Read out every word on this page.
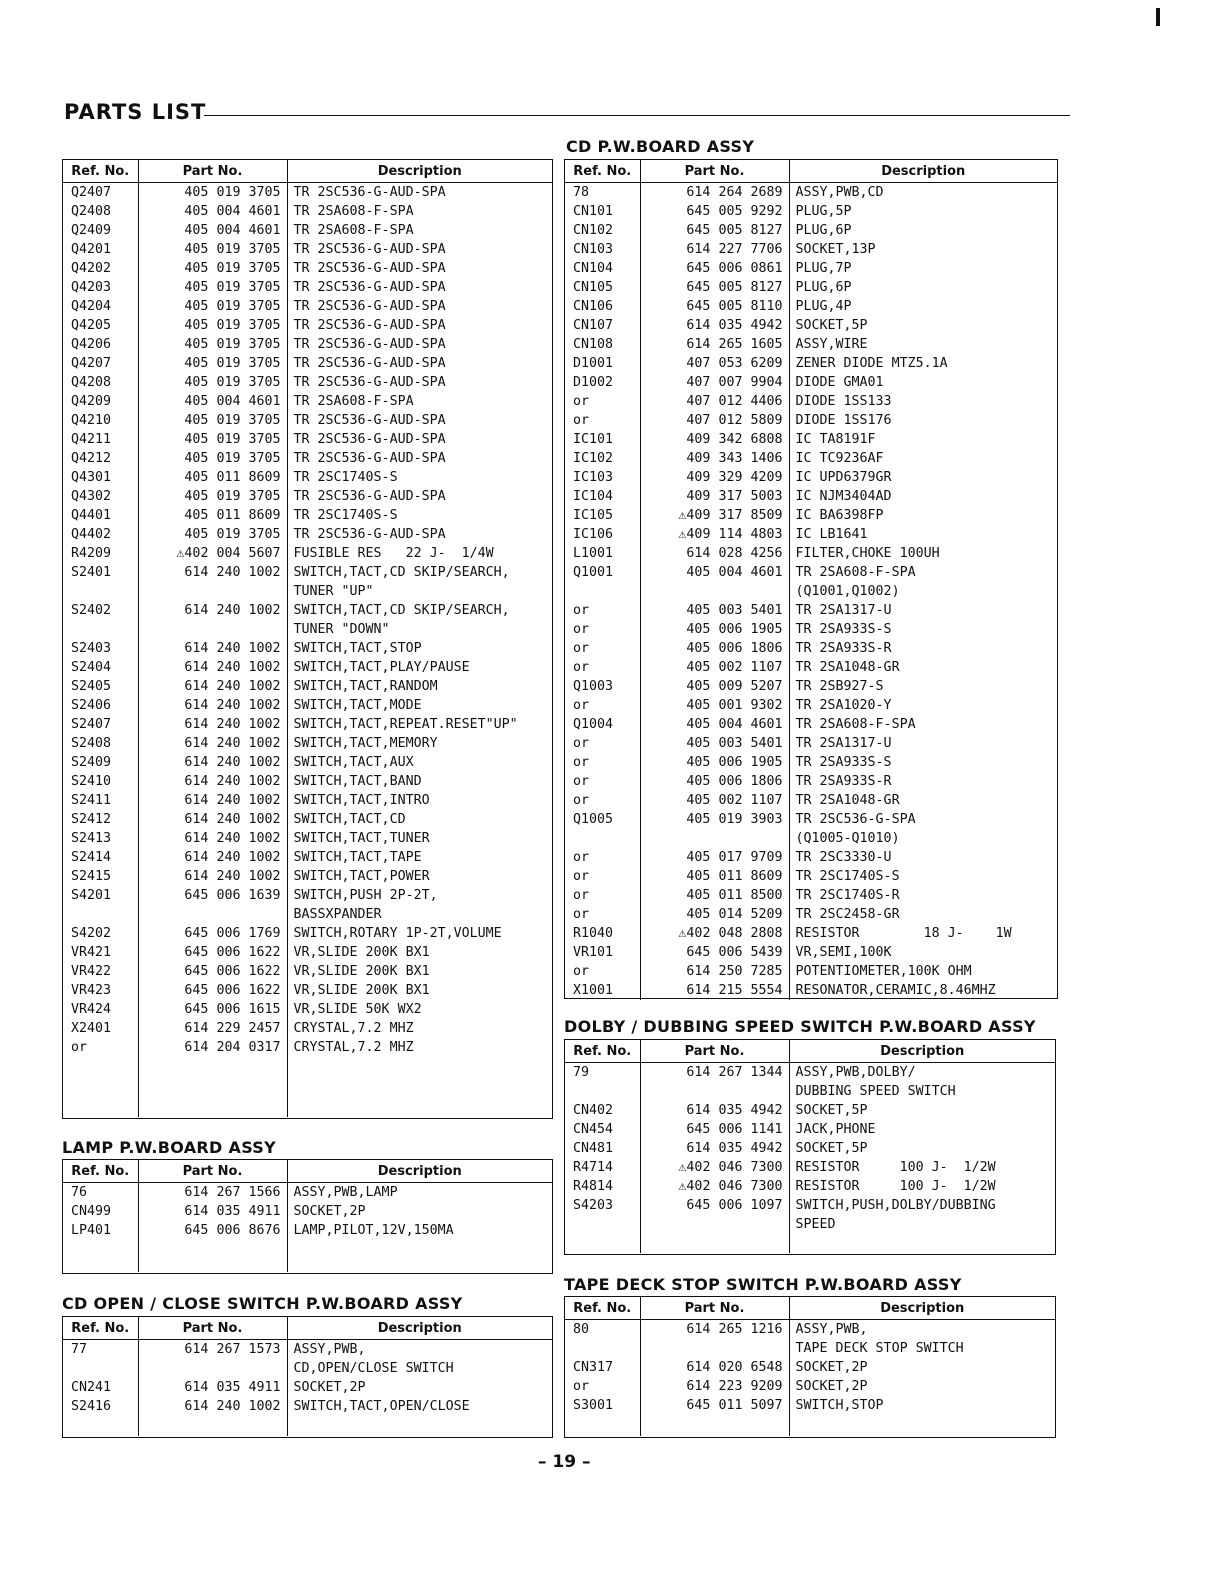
PARTS LIST
Ref. No.	Part No.	Description
Q2407	405 019 3705	TR 2SC536-G-AUD-SPA
Q2408	405 004 4601	TR 2SA608-F-SPA
Q2409	405 004 4601	TR 2SA608-F-SPA
Q4201	405 019 3705	TR 2SC536-G-AUD-SPA
Q4202	405 019 3705	TR 2SC536-G-AUD-SPA
Q4203	405 019 3705	TR 2SC536-G-AUD-SPA
Q4204	405 019 3705	TR 2SC536-G-AUD-SPA
Q4205	405 019 3705	TR 2SC536-G-AUD-SPA
Q4206	405 019 3705	TR 2SC536-G-AUD-SPA
Q4207	405 019 3705	TR 2SC536-G-AUD-SPA
Q4208	405 019 3705	TR 2SC536-G-AUD-SPA
Q4209	405 004 4601	TR 2SA608-F-SPA
Q4210	405 019 3705	TR 2SC536-G-AUD-SPA
Q4211	405 019 3705	TR 2SC536-G-AUD-SPA
Q4212	405 019 3705	TR 2SC536-G-AUD-SPA
Q4301	405 011 8609	TR 2SC1740S-S
Q4302	405 019 3705	TR 2SC536-G-AUD-SPA
Q4401	405 011 8609	TR 2SC1740S-S
Q4402	405 019 3705	TR 2SC536-G-AUD-SPA
R4209	⚠402 004 5607	FUSIBLE RES   22 J-  1/4W
S2401	614 240 1002	SWITCH,TACT,CD SKIP/SEARCH,
		TUNER "UP"
S2402	614 240 1002	SWITCH,TACT,CD SKIP/SEARCH,
		TUNER "DOWN"
S2403	614 240 1002	SWITCH,TACT,STOP
S2404	614 240 1002	SWITCH,TACT,PLAY/PAUSE
S2405	614 240 1002	SWITCH,TACT,RANDOM
S2406	614 240 1002	SWITCH,TACT,MODE
S2407	614 240 1002	SWITCH,TACT,REPEAT.RESET"UP"
S2408	614 240 1002	SWITCH,TACT,MEMORY
S2409	614 240 1002	SWITCH,TACT,AUX
S2410	614 240 1002	SWITCH,TACT,BAND
S2411	614 240 1002	SWITCH,TACT,INTRO
S2412	614 240 1002	SWITCH,TACT,CD
S2413	614 240 1002	SWITCH,TACT,TUNER
S2414	614 240 1002	SWITCH,TACT,TAPE
S2415	614 240 1002	SWITCH,TACT,POWER
S4201	645 006 1639	SWITCH,PUSH 2P-2T,
		BASSXPANDER
S4202	645 006 1769	SWITCH,ROTARY 1P-2T,VOLUME
VR421	645 006 1622	VR,SLIDE 200K BX1
VR422	645 006 1622	VR,SLIDE 200K BX1
VR423	645 006 1622	VR,SLIDE 200K BX1
VR424	645 006 1615	VR,SLIDE 50K WX2
X2401	614 229 2457	CRYSTAL,7.2 MHZ
or	614 204 0317	CRYSTAL,7.2 MHZ

LAMP P.W.BOARD ASSY
Ref. No.	Part No.	Description
76	614 267 1566	ASSY,PWB,LAMP
CN499	614 035 4911	SOCKET,2P
LP401	645 006 8676	LAMP,PILOT,12V,150MA

CD OPEN / CLOSE SWITCH P.W.BOARD ASSY
Ref. No.	Part No.	Description
77	614 267 1573	ASSY,PWB,
		CD,OPEN/CLOSE SWITCH
CN241	614 035 4911	SOCKET,2P
S2416	614 240 1002	SWITCH,TACT,OPEN/CLOSE

CD P.W.BOARD ASSY
Ref. No.	Part No.	Description
78	614 264 2689	ASSY,PWB,CD
CN101	645 005 9292	PLUG,5P
CN102	645 005 8127	PLUG,6P
CN103	614 227 7706	SOCKET,13P
CN104	645 006 0861	PLUG,7P
CN105	645 005 8127	PLUG,6P
CN106	645 005 8110	PLUG,4P
CN107	614 035 4942	SOCKET,5P
CN108	614 265 1605	ASSY,WIRE
D1001	407 053 6209	ZENER DIODE MTZ5.1A
D1002	407 007 9904	DIODE GMA01
or	407 012 4406	DIODE 1SS133
or	407 012 5809	DIODE 1SS176
IC101	409 342 6808	IC TA8191F
IC102	409 343 1406	IC TC9236AF
IC103	409 329 4209	IC UPD6379GR
IC104	409 317 5003	IC NJM3404AD
IC105	⚠409 317 8509	IC BA6398FP
IC106	⚠409 114 4803	IC LB1641
L1001	614 028 4256	FILTER,CHOKE 100UH
Q1001	405 004 4601	TR 2SA608-F-SPA
		(Q1001,Q1002)
or	405 003 5401	TR 2SA1317-U
or	405 006 1905	TR 2SA933S-S
or	405 006 1806	TR 2SA933S-R
or	405 002 1107	TR 2SA1048-GR
Q1003	405 009 5207	TR 2SB927-S
or	405 001 9302	TR 2SA1020-Y
Q1004	405 004 4601	TR 2SA608-F-SPA
or	405 003 5401	TR 2SA1317-U
or	405 006 1905	TR 2SA933S-S
or	405 006 1806	TR 2SA933S-R
or	405 002 1107	TR 2SA1048-GR
Q1005	405 019 3903	TR 2SC536-G-SPA
		(Q1005-Q1010)
or	405 017 9709	TR 2SC3330-U
or	405 011 8609	TR 2SC1740S-S
or	405 011 8500	TR 2SC1740S-R
or	405 014 5209	TR 2SC2458-GR
R1040	⚠402 048 2808	RESISTOR        18 J-    1W
VR101	645 006 5439	VR,SEMI,100K
or	614 250 7285	POTENTIOMETER,100K OHM
X1001	614 215 5554	RESONATOR,CERAMIC,8.46MHZ

DOLBY / DUBBING SPEED SWITCH P.W.BOARD ASSY
Ref. No.	Part No.	Description
79	614 267 1344	ASSY,PWB,DOLBY/
		DUBBING SPEED SWITCH
CN402	614 035 4942	SOCKET,5P
CN454	645 006 1141	JACK,PHONE
CN481	614 035 4942	SOCKET,5P
R4714	⚠402 046 7300	RESISTOR     100 J-  1/2W
R4814	⚠402 046 7300	RESISTOR     100 J-  1/2W
S4203	645 006 1097	SWITCH,PUSH,DOLBY/DUBBING
		SPEED

TAPE DECK STOP SWITCH P.W.BOARD ASSY
Ref. No.	Part No.	Description
80	614 265 1216	ASSY,PWB,
		TAPE DECK STOP SWITCH
CN317	614 020 6548	SOCKET,2P
or	614 223 9209	SOCKET,2P
S3001	645 011 5097	SWITCH,STOP

– 19 –
